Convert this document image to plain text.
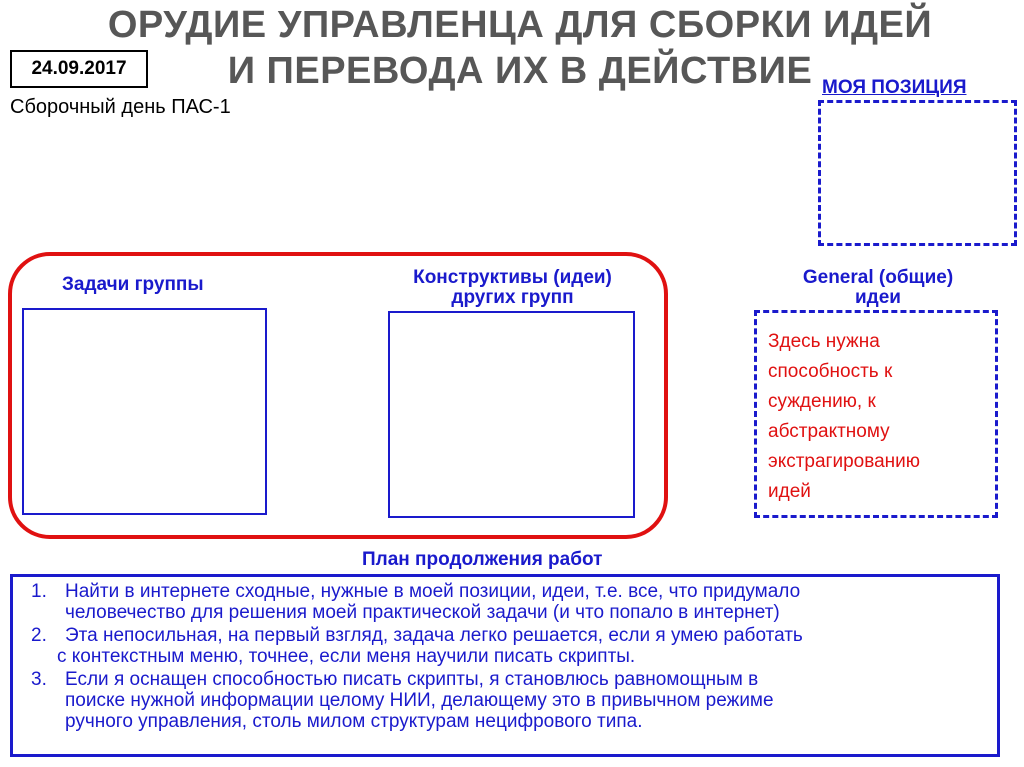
ОРУДИЕ УПРАВЛЕНЦА ДЛЯ СБОРКИ ИДЕЙ
И ПЕРЕВОДА ИХ В ДЕЙСТВИЕ
24.09.2017
Сборочный день ПАС-1
МОЯ ПОЗИЦИЯ
Задачи группы	Конструктивы (идеи)
других групп
General (общие)
идеи
Здесь нужна
способность к
суждению, к
абстрактному
экстрагированию
идей
План продолжения работ
1. Найти в интернете сходные, нужные в моей позиции, идеи, т.е. все, что придумало
человечество для решения моей практической задачи (и что попало в интернет)
2. Эта непосильная, на первый взгляд, задача легко решается, если я умею работать
с контекстным меню, точнее, если меня научили писать скрипты.
3. Если я оснащен способностью писать скрипты, я становлюсь равномощным в
поиске нужной информации целому НИИ, делающему это в привычном режиме
ручного управления, столь милом структурам нецифрового типа.
